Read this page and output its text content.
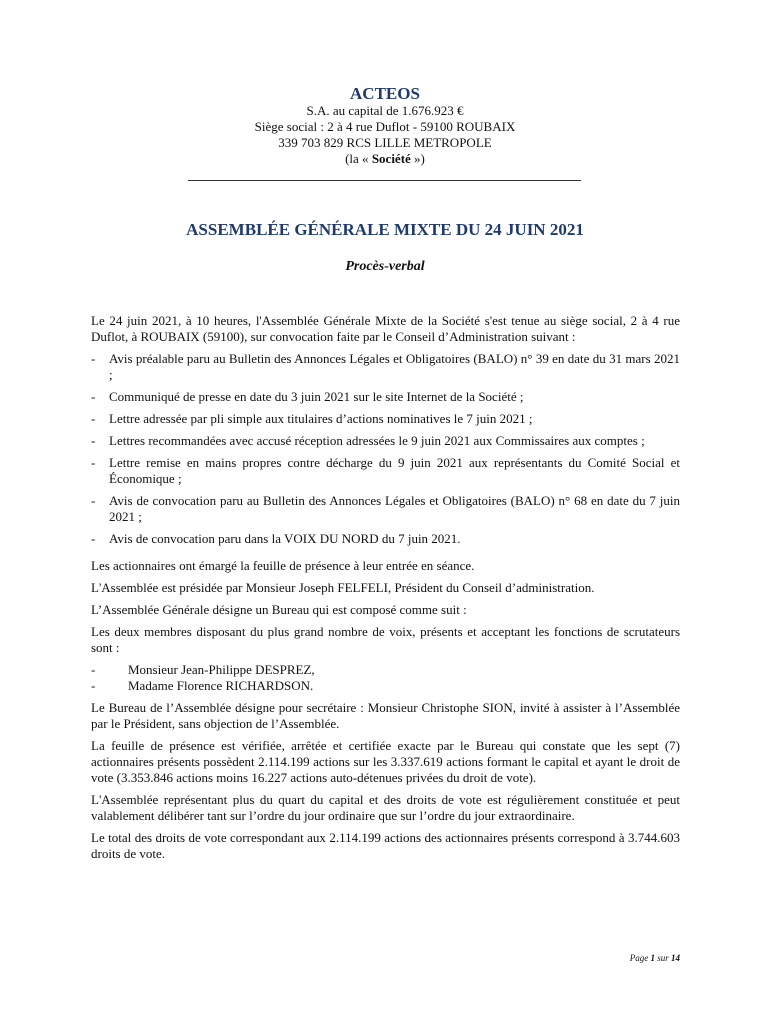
ACTEOS
S.A. au capital de 1.676.923 €
Siège social : 2 à 4 rue Duflot - 59100 ROUBAIX
339 703 829 RCS LILLE METROPOLE
(la « Société »)
ASSEMBLÉE GÉNÉRALE MIXTE DU 24 JUIN 2021
Procès-verbal

Le 24 juin 2021, à 10 heures, l'Assemblée Générale Mixte de la Société s'est tenue au siège social, 2 à 4 rue Duflot, à ROUBAIX (59100), sur convocation faite par le Conseil d’Administration suivant :

- Avis préalable paru au Bulletin des Annonces Légales et Obligatoires (BALO) n° 39 en date du 31 mars 2021 ;
- Communiqué de presse en date du 3 juin 2021 sur le site Internet de la Société ;
- Lettre adressée par pli simple aux titulaires d’actions nominatives le 7 juin 2021 ;
- Lettres recommandées avec accusé réception adressées le 9 juin 2021 aux Commissaires aux comptes ;
- Lettre remise en mains propres contre décharge du 9 juin 2021 aux représentants du Comité Social et Économique ;
- Avis de convocation paru au Bulletin des Annonces Légales et Obligatoires (BALO) n° 68 en date du 7 juin 2021 ;
- Avis de convocation paru dans la VOIX DU NORD du 7 juin 2021.

Les actionnaires ont émargé la feuille de présence à leur entrée en séance.

L'Assemblée est présidée par Monsieur Joseph FELFELI, Président du Conseil d’administration.

L’Assemblée Générale désigne un Bureau qui est composé comme suit :

Les deux membres disposant du plus grand nombre de voix, présents et acceptant les fonctions de scrutateurs sont :

- Monsieur Jean-Philippe DESPREZ,
- Madame Florence RICHARDSON.

Le Bureau de l’Assemblée désigne pour secrétaire : Monsieur Christophe SION, invité à assister à l’Assemblée par le Président, sans objection de l’Assemblée.

La feuille de présence est vérifiée, arrêtée et certifiée exacte par le Bureau qui constate que les sept (7) actionnaires présents possèdent 2.114.199 actions sur les 3.337.619 actions formant le capital et ayant le droit de vote (3.353.846 actions moins 16.227 actions auto-détenues privées du droit de vote).

L'Assemblée représentant plus du quart du capital et des droits de vote est régulièrement constituée et peut valablement délibérer tant sur l’ordre du jour ordinaire que sur l’ordre du jour extraordinaire.

Le total des droits de vote correspondant aux 2.114.199 actions des actionnaires présents correspond à 3.744.603 droits de vote.

Page 1 sur 14
